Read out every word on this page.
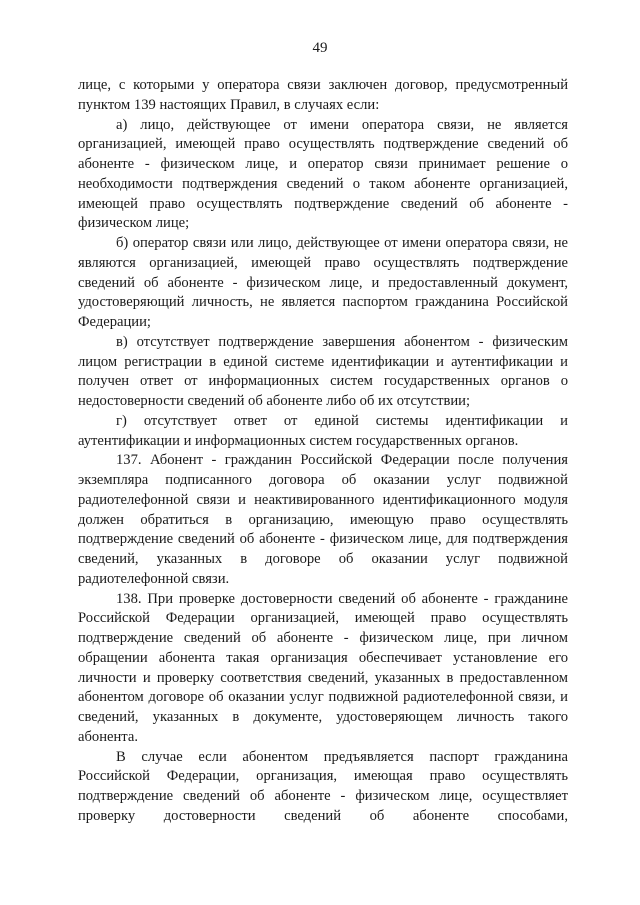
49

лице, с которыми у оператора связи заключен договор, предусмотренный пунктом 139 настоящих Правил, в случаях если:

а) лицо, действующее от имени оператора связи, не является организацией, имеющей право осуществлять подтверждение сведений об абоненте - физическом лице, и оператор связи принимает решение о необходимости подтверждения сведений о таком абоненте организацией, имеющей право осуществлять подтверждение сведений об абоненте - физическом лице;

б) оператор связи или лицо, действующее от имени оператора связи, не являются организацией, имеющей право осуществлять подтверждение сведений об абоненте - физическом лице, и предоставленный документ, удостоверяющий личность, не является паспортом гражданина Российской Федерации;

в) отсутствует подтверждение завершения абонентом - физическим лицом регистрации в единой системе идентификации и аутентификации и получен ответ от информационных систем государственных органов о недостоверности сведений об абоненте либо об их отсутствии;

г) отсутствует ответ от единой системы идентификации и аутентификации и информационных систем государственных органов.

137. Абонент - гражданин Российской Федерации после получения экземпляра подписанного договора об оказании услуг подвижной радиотелефонной связи и неактивированного идентификационного модуля должен обратиться в организацию, имеющую право осуществлять подтверждение сведений об абоненте - физическом лице, для подтверждения сведений, указанных в договоре об оказании услуг подвижной радиотелефонной связи.

138. При проверке достоверности сведений об абоненте - гражданине Российской Федерации организацией, имеющей право осуществлять подтверждение сведений об абоненте - физическом лице, при личном обращении абонента такая организация обеспечивает установление его личности и проверку соответствия сведений, указанных в предоставленном абонентом договоре об оказании услуг подвижной радиотелефонной связи, и сведений, указанных в документе, удостоверяющем личность такого абонента.

В случае если абонентом предъявляется паспорт гражданина Российской Федерации, организация, имеющая право осуществлять подтверждение сведений об абоненте - физическом лице, осуществляет проверку достоверности сведений об абоненте способами,
